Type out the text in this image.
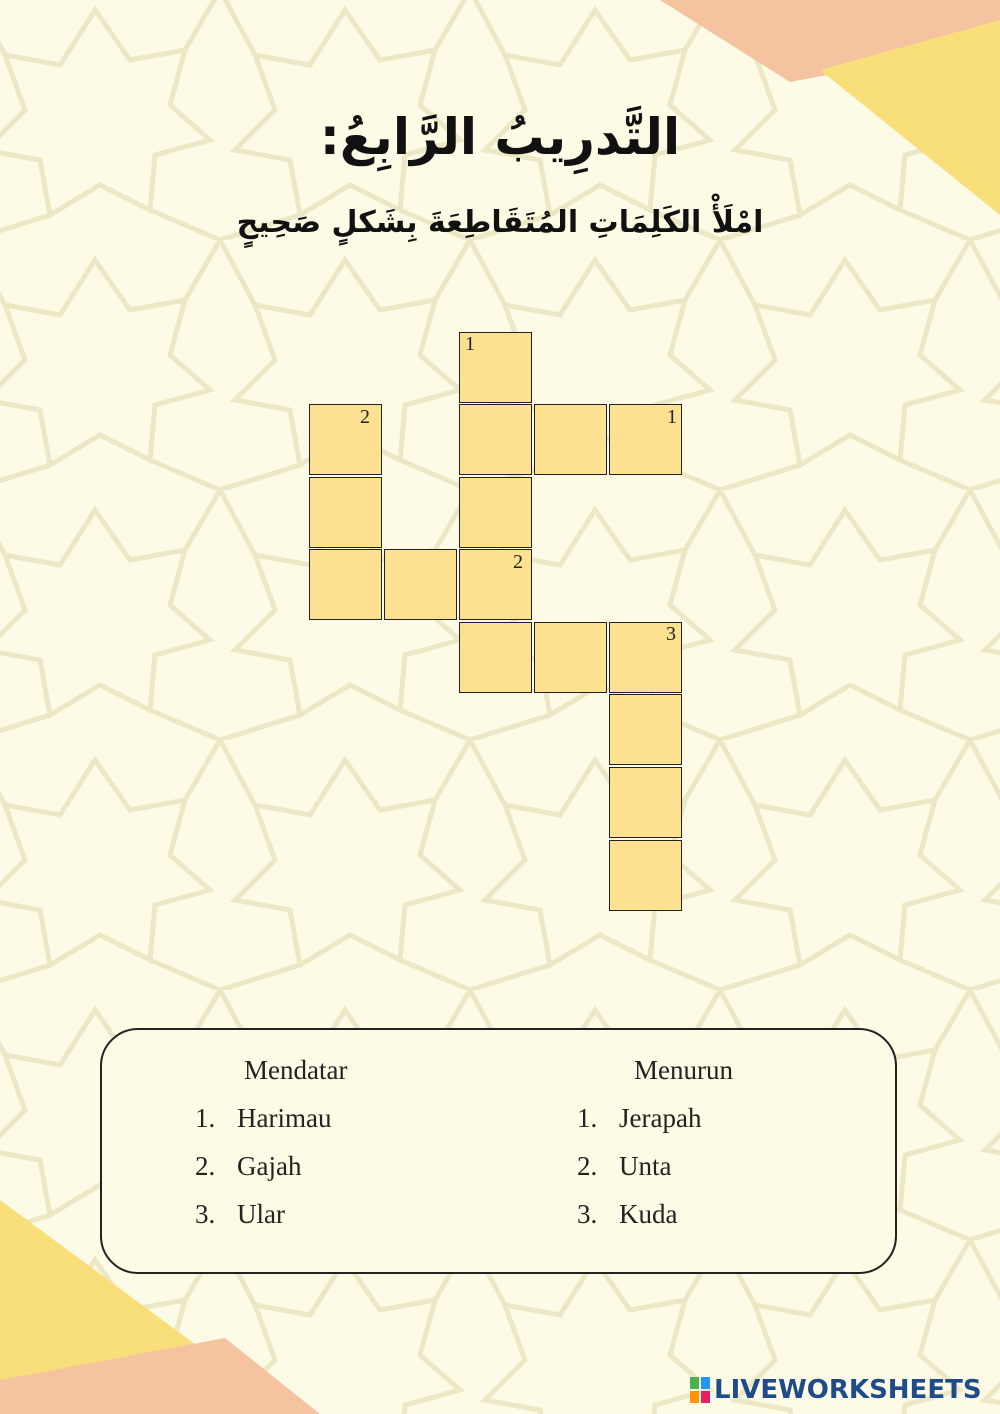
التَّدرِيبُ الرَّابِعُ:
امْلَأْ الكَلِمَاتِ المُتَقَاطِعَةَ بِشَكلٍ صَحِيحٍ
1
1
2
2
3
Mendatar
1. Harimau
2. Gajah
3. Ular
Menurun
1. Jerapah
2. Unta
3. Kuda
LIVEWORKSHEETS
